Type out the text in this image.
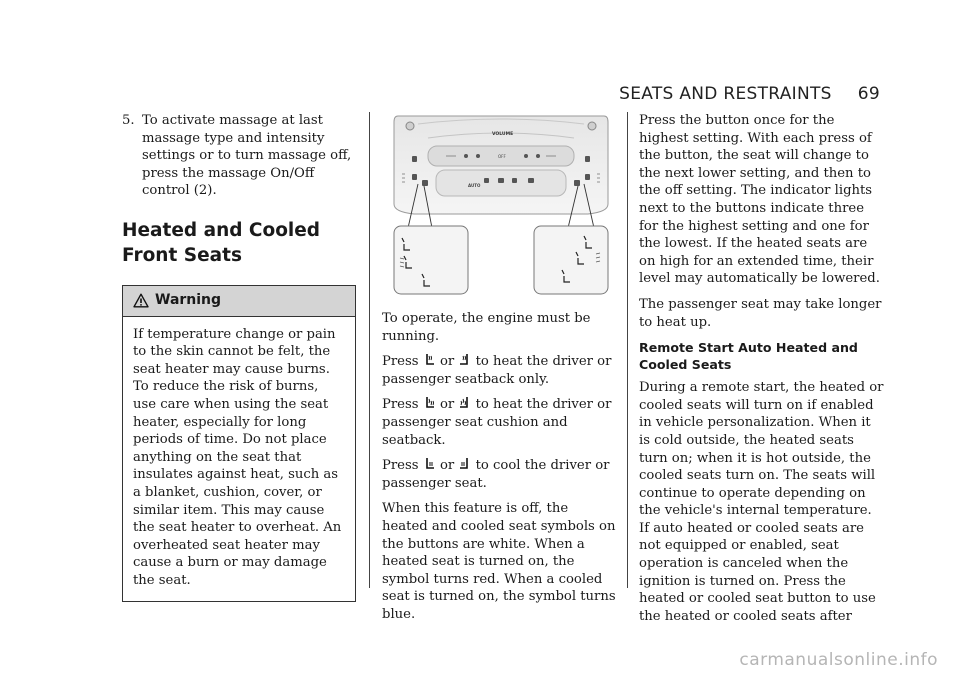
SEATS AND RESTRAINTS 69
5. To activate massage at last massage type and intensity settings or to turn massage off, press the massage On/Off control (2).
Heated and Cooled Front Seats
Warning
If temperature change or pain to the skin cannot be felt, the seat heater may cause burns. To reduce the risk of burns, use care when using the seat heater, especially for long periods of time. Do not place anything on the seat that insulates against heat, such as a blanket, cushion, cover, or similar item. This may cause the seat heater to overheat. An overheated seat heater may cause a burn or may damage the seat.
VOLUME
OFF
AUTO

To operate, the engine must be running.

Press or to heat the driver or passenger seatback only.

Press or to heat the driver or passenger seat cushion and seatback.

Press or to cool the driver or passenger seat.

When this feature is off, the heated and cooled seat symbols on the buttons are white. When a heated seat is turned on, the symbol turns red. When a cooled seat is turned on, the symbol turns blue.

Press the button once for the highest setting. With each press of the button, the seat will change to the next lower setting, and then to the off setting. The indicator lights next to the buttons indicate three for the highest setting and one for the lowest. If the heated seats are on high for an extended time, their level may automatically be lowered.

The passenger seat may take longer to heat up.

Remote Start Auto Heated and Cooled Seats

During a remote start, the heated or cooled seats will turn on if enabled in vehicle personalization. When it is cold outside, the heated seats turn on; when it is hot outside, the cooled seats turn on. The seats will continue to operate depending on the vehicle's internal temperature. If auto heated or cooled seats are not equipped or enabled, seat operation is canceled when the ignition is turned on. Press the heated or cooled seat button to use the heated or cooled seats after

carmanualsonline.info
